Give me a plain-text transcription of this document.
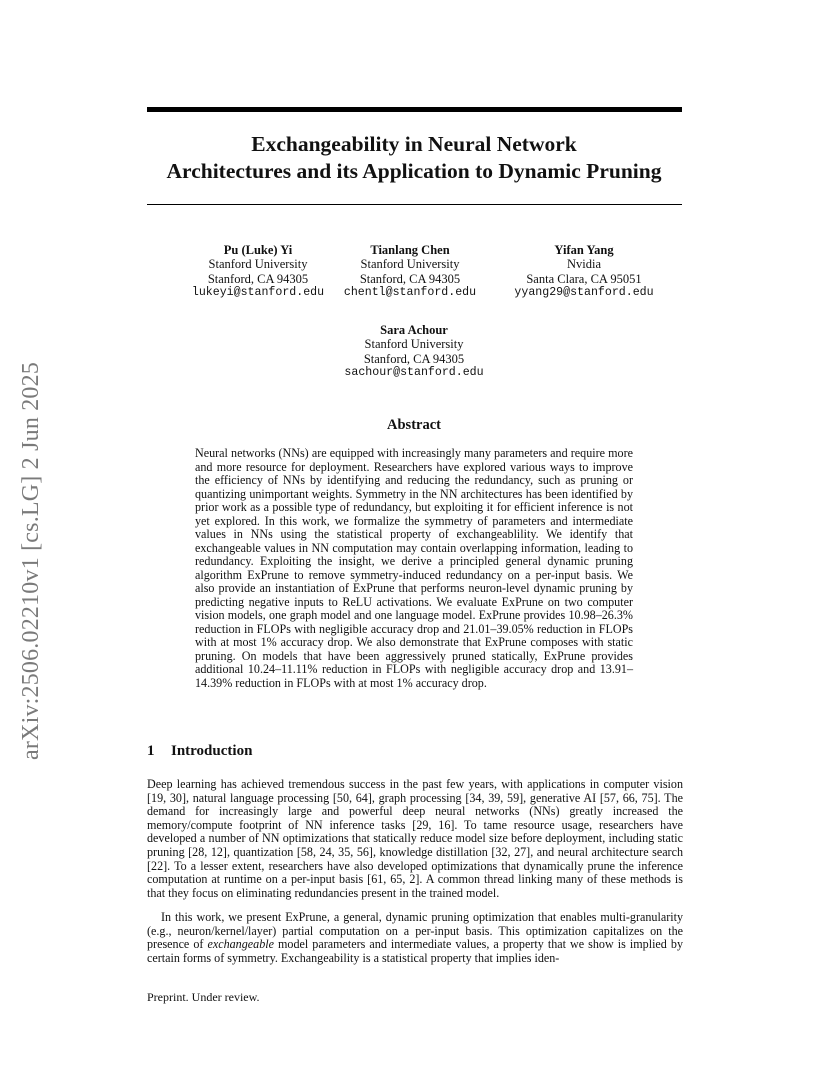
arXiv:2506.02210v1 [cs.LG] 2 Jun 2025
Exchangeability in Neural Network
Architectures and its Application to Dynamic Pruning
Pu (Luke) Yi
Stanford University
Stanford, CA 94305
lukeyi@stanford.edu
Tianlang Chen
Stanford University
Stanford, CA 94305
chentl@stanford.edu
Yifan Yang
Nvidia
Santa Clara, CA 95051
yyang29@stanford.edu
Sara Achour
Stanford University
Stanford, CA 94305
sachour@stanford.edu
Abstract
Neural networks (NNs) are equipped with increasingly many parameters and require more and more resource for deployment. Researchers have explored various ways to improve the efficiency of NNs by identifying and reducing the redundancy, such as pruning or quantizing unimportant weights. Symmetry in the NN architectures has been identified by prior work as a possible type of redundancy, but exploiting it for efficient inference is not yet explored. In this work, we formalize the symmetry of parameters and intermediate values in NNs using the statistical property of exchangeablility. We identify that exchangeable values in NN computation may contain overlapping information, leading to redundancy. Exploiting the insight, we derive a principled general dynamic pruning algorithm ExPrune to remove symmetry-induced redundancy on a per-input basis. We also provide an instantiation of ExPrune that performs neuron-level dynamic pruning by predicting negative inputs to ReLU activations. We evaluate ExPrune on two computer vision models, one graph model and one language model. ExPrune provides 10.98–26.3% reduction in FLOPs with negligible accuracy drop and 21.01–39.05% reduction in FLOPs with at most 1% accuracy drop. We also demonstrate that ExPrune composes with static pruning. On models that have been aggressively pruned statically, ExPrune provides additional 10.24–11.11% reduction in FLOPs with negligible accuracy drop and 13.91–14.39% reduction in FLOPs with at most 1% accuracy drop.
1 Introduction
Deep learning has achieved tremendous success in the past few years, with applications in computer vision [19, 30], natural language processing [50, 64], graph processing [34, 39, 59], generative AI [57, 66, 75]. The demand for increasingly large and powerful deep neural networks (NNs) greatly increased the memory/compute footprint of NN inference tasks [29, 16]. To tame resource usage, researchers have developed a number of NN optimizations that statically reduce model size before deployment, including static pruning [28, 12], quantization [58, 24, 35, 56], knowledge distillation [32, 27], and neural architecture search [22]. To a lesser extent, researchers have also developed optimizations that dynamically prune the inference computation at runtime on a per-input basis [61, 65, 2]. A common thread linking many of these methods is that they focus on eliminating redundancies present in the trained model.
In this work, we present ExPrune, a general, dynamic pruning optimization that enables multi-granularity (e.g., neuron/kernel/layer) partial computation on a per-input basis. This optimization capitalizes on the presence of exchangeable model parameters and intermediate values, a property that we show is implied by certain forms of symmetry. Exchangeability is a statistical property that implies iden-
Preprint. Under review.
